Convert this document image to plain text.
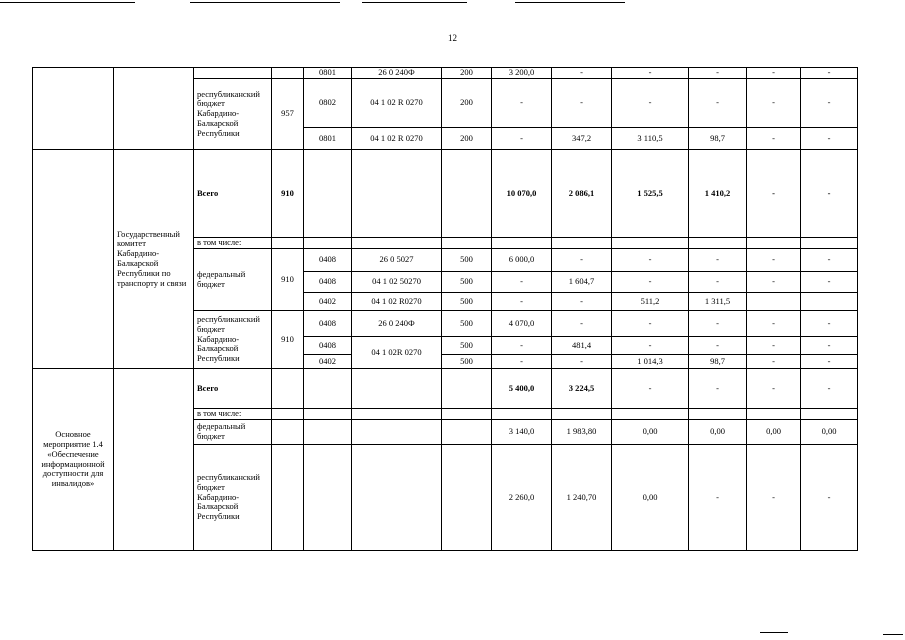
12
				0801	26 0 240Ф	200	3 200,0	-	-	-	-	-
		республиканский бюджет Кабардино-Балкарской Республики	957	0802	04 1 02 R 0270	200	-	-	-	-	-	-
				0801	04 1 02 R 0270	200	-	347,2	3 110,5	98,7	-	-
	Государственный комитет Кабардино-Балкарской Республики по транспорту и связи	Всего	910				10 070,0	2 086,1	1 525,5	1 410,2	-	-
		в том числе:										
		федеральный бюджет	910	0408	26 0 5027	500	6 000,0	-	-	-	-	-
				0408	04 1 02 50270	500	-	1 604,7	-	-	-	-
				0402	04 1 02 R0270	500	-	-	511,2	1 311,5		
		республиканский бюджет Кабардино-Балкарской Республики	910	0408	26 0 240Ф	500	4 070,0	-	-	-	-	-
				0408	04 1 02R 0270	500	-	481,4	-	-	-	-
				0402		500	-	-	1 014,3	98,7	-	-
Основное мероприятие 1.4 «Обеспечение информационной доступности для инвалидов»		Всего					5 400,0	3 224,5	-	-	-	-
		в том числе:										
		федеральный бюджет					3 140,0	1 983,80	0,00	0,00	0,00	0,00
		республиканский бюджет Кабардино-Балкарской Республики					2 260,0	1 240,70	0,00	-	-	-
